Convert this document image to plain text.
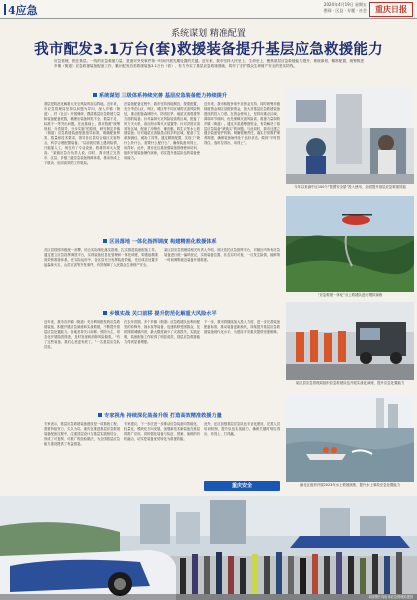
4应急	2024年4月19日 星期五
要闻 · 区县 · 专题 · 社会	重庆日报
系统谋划 精准配置
我市配发3.1万台(套)救援装备提升基层应急救援能力
应急管理，根在基层。一线的应急救援力量，是面对突发事件第一时间开展先期处置的关键。近年来，我市坚持人民至上、生命至上，聚焦基层应急救援能力提升，系统谋划、精准配置，统筹推进乡镇（街道）应急救援装备配备工作，累计配发各类救援装备3.1万台（套），有力夯实了基层应急救援基础，筑牢了守护群众生命财产安全的坚实防线。
系统谋划 三级体系持续完善 基层应急装备能力持续提升
基层是防范化解重大安全风险的前沿阵地。近年来，市应急管理局坚持以问题为导向，深入乡镇（街道）、村（社区）开展调研，摸清基层应急救援力量和装备配备底数，梳理出装备种类不全、数量不足、标准不一等突出问题。在此基础上，我市按照“统筹规划、分类指导、分步实施”的原则，研究制定乡镇（街道）应急救援装备配备指导标准，明确配备种类、数量和技术要求，指导各区县结合辖区灾害特点，科学合理配置装备。“以前我们镇上遇到险情，只能靠人工，现在有了专业设备，救援效率大大提高。”某镇应急办负责人说。同时，我市建立完善市、区县、乡镇三级应急装备保障体系，推动形成上下联动、协同高效的工作格局。
在装备配备过程中，我市坚持因地制宜、按需配置，充分考虑山区、库区、城区等不同区域的灾害风险特征，重点配备森林防火、防汛抗旱、地质灾害救援等方面的装备。针对森林火灾风险较高的区域，配备了风力灭火机、高压细水雾灭火装置等；针对洪涝灾害易发区域，配备了冲锋舟、橡皮艇、救生衣等水上救援装备；针对地质灾害隐患点较多的区域，配备了生命探测仪、破拆工具等。通过精准配置，实现了“缺什么补什么、需要什么配什么”，确保装备用得上、用得好。此外，我市还注重加强装备管理使用培训，组织开展装备操作演练，切实提升基层队伍的装备使用能力。
近年来，我市积极争取中央资金支持，同时统筹市级财政资金和区县配套资金，加大对基层应急救援装备建设的投入力度。在资金使用上，坚持向重点区域、薄弱环节倾斜，优先保障灾害风险高、救援力量弱的乡镇（街道）。通过多渠道筹措资金，有效解决了基层应急装备“缺钱买”的问题。与此同时，我市还建立健全装备管护机制，明确管理责任，落实日常维护保养制度，确保装备始终处于良好状态，做到“平时管得住、战时拉得出、用得上”。
区县落地 一体化指挥调度 构建精准化救援体系
各区县按照市级统一部署，结合实际细化落实措施，扎实推进装备配备工作。通过建立应急指挥调度平台，实现装备信息化管理和一体化调度，构建起精准高效的救援体系。在实际运用中，各区县充分发挥装备效能，先后成功处置多起森林火灾、山洪灾害等突发事件，有效保障了人民群众生命财产安全。
某区县应急管理局相关负责人介绍，该区依托应急指挥平台，对辖区内所有应急装备进行统一编码登记，实现装备位置、状态实时可查，一旦发生险情，能够第一时间调集就近装备开展救援。
乡镇实战 关口前移 提升防范化解重大风险水平
近年来，我市各乡镇（街道）充分利用配发的应急救援装备，积极开展应急演练和实战救援，不断提升基层应急处置能力。各地坚持关口前移、预防为主，常态化开展隐患排查，及时发现和消除风险隐患。“有了这些装备，我们心里更有底了。”一名基层应急队员说。
在去年汛期，多个乡镇（街道）应急救援队伍利用配发的冲锋舟、抽水泵等装备，迅速转移受困群众，及时排除城镇内涝，最大限度减少了灾害损失。实践证明，装备配备工作取得了明显成效，基层应急救援能力得到显著增强。
下一步，我市将继续加大投入力度，进一步完善装备配备标准，推动装备更新换代，持续提升基层应急救援装备现代化水平，为建设平安重庆提供坚强保障。
专家视角 持续深化装备升级 打造高效精准救援力量
专家表示，基层应急救援装备建设是一项系统工程，需要持续发力、久久为功。重庆在推进基层应急救援装备配备过程中，注重顶层设计与基层实践相结合，形成了可复制、可推广的经验做法，为全国基层应急能力建设提供了有益借鉴。
专家建议，下一步应进一步推动应急装备向智能化、轻量化、模块化方向发展，加强新技术新装备在基层的推广应用，同时强化装备与队伍、预案、演练的有机融合，切实把装备优势转化为救援效能。
此外，还应加强基层应急队伍专业化建设，完善人员培训机制，提升队伍实战能力，确保关键时刻拉得出、冲得上、打得赢。
重庆安全
今年以来渝中区100个“智慧安全屋”投入使用，全面提升基层应急救援效能
“应急救援一体化”点上救援队进行模拟演练
某区县应急管理局组织应急救援队伍开展实战化演练，提升应急处置能力
渝北区组织开展2023年水上救援演练，提升水上事故应急处置能力
本版图片均由市应急管理局提供
